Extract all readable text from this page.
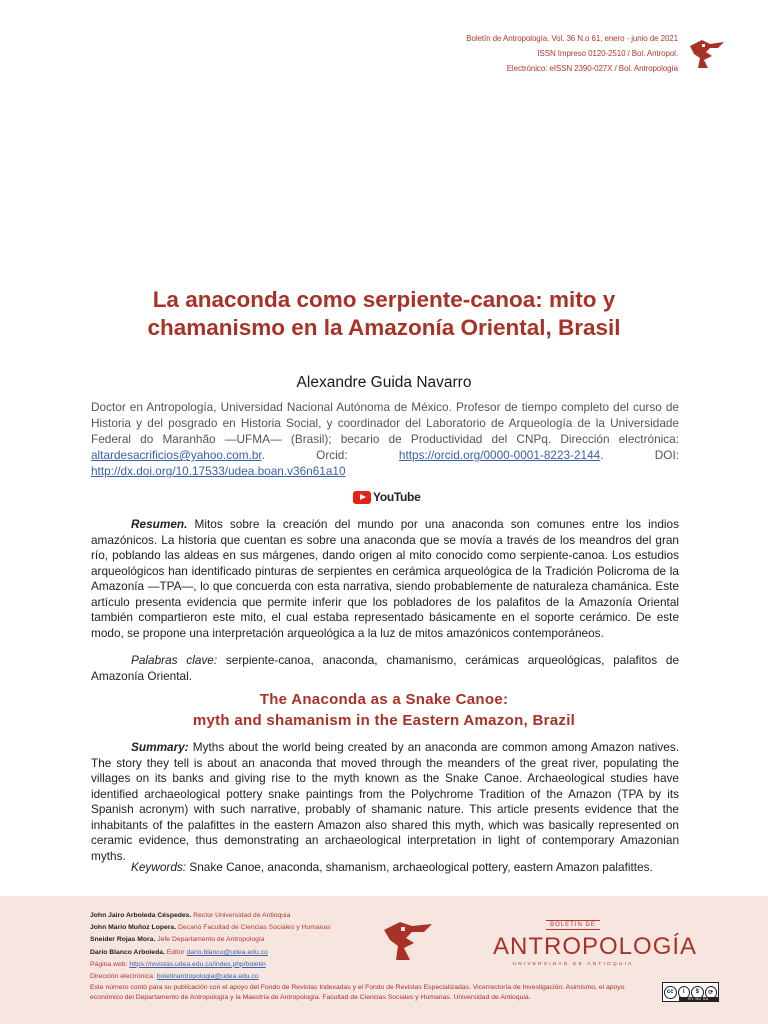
Boletín de Antropología. Vol. 36 N.o 61, enero - junio de 2021
ISSN Impreso 0120-2510 / Bol. Antropol.
Electrónico: eISSN 2390-027X / Bol. Antropología
La anaconda como serpiente-canoa: mito y
chamanismo en la Amazonía Oriental, Brasil
Alexandre Guida Navarro

Doctor en Antropología, Universidad Nacional Autónoma de México. Profesor de tiempo completo del curso de Historia y del posgrado en Historia Social, y coordinador del Laboratorio de Arqueología de la Universidade Federal do Maranhão —UFMA— (Brasil); becario de Productividad del CNPq. Dirección electrónica: altardesacrificios@yahoo.com.br. Orcid: https://orcid.org/0000-0001-8223-2144. DOI: http://dx.doi.org/10.17533/udea.boan.v36n61a10

YouTube

Resumen. Mitos sobre la creación del mundo por una anaconda son comunes entre los indios amazónicos. La historia que cuentan es sobre una anaconda que se movía a través de los meandros del gran río, poblando las aldeas en sus márgenes, dando origen al mito conocido como serpiente-canoa. Los estudios arqueológicos han identificado pinturas de serpientes en cerámica arqueológica de la Tradición Policroma de la Amazonía —TPA—, lo que concuerda con esta narrativa, siendo probablemente de naturaleza chamánica. Este artículo presenta evidencia que permite inferir que los pobladores de los palafitos de la Amazonía Oriental también compartieron este mito, el cual estaba representado básicamente en el soporte cerámico. De este modo, se propone una interpretación arqueológica a la luz de mitos amazónicos contemporáneos.

Palabras clave: serpiente-canoa, anaconda, chamanismo, cerámicas arqueológicas, palafitos de Amazonía Oriental.

The Anaconda as a Snake Canoe:
myth and shamanism in the Eastern Amazon, Brazil

Summary: Myths about the world being created by an anaconda are common among Amazon natives. The story they tell is about an anaconda that moved through the meanders of the great river, populating the villages on its banks and giving rise to the myth known as the Snake Canoe. Archaeological studies have identified archaeological pottery snake paintings from the Polychrome Tradition of the Amazon (TPA by its Spanish acronym) with such narrative, probably of shamanic nature. This article presents evidence that the inhabitants of the palafittes in the eastern Amazon also shared this myth, which was basically represented on ceramic evidence, thus demonstrating an archaeological interpretation in light of contemporary Amazonian myths.

Keywords: Snake Canoe, anaconda, shamanism, archaeological pottery, eastern Amazon palafittes.

John Jairo Arboleda Céspedes. Rector Universidad de Antioquia
John Mario Muñoz Lopera. Decano Facultad de Ciencias Sociales y Humanas
Sneider Rojas Mora. Jefe Departamento de Antropología
Darío Blanco Arboleda. Editor dario.blanco@udea.edu.co
Página web: https://revistas.udea.edu.co/index.php/boletin
Dirección electrónica: boletinantropologia@udea.edu.co
BOLETÍN DE
ANTROPOLOGÍA
UNIVERSIDAD DE ANTIOQUIA

Este número contó para su publicación con el apoyo del Fondo de Revistas Indexadas y el Fondo de Revistas Especializadas. Vicerrectoría de Investigación. Asimismo, el apoyo económico del Departamento de Antropología y la Maestría de Antropología. Facultad de Ciencias Sociales y Humanas. Universidad de Antioquia.

cc	i	$	⟳
BY NC SA
